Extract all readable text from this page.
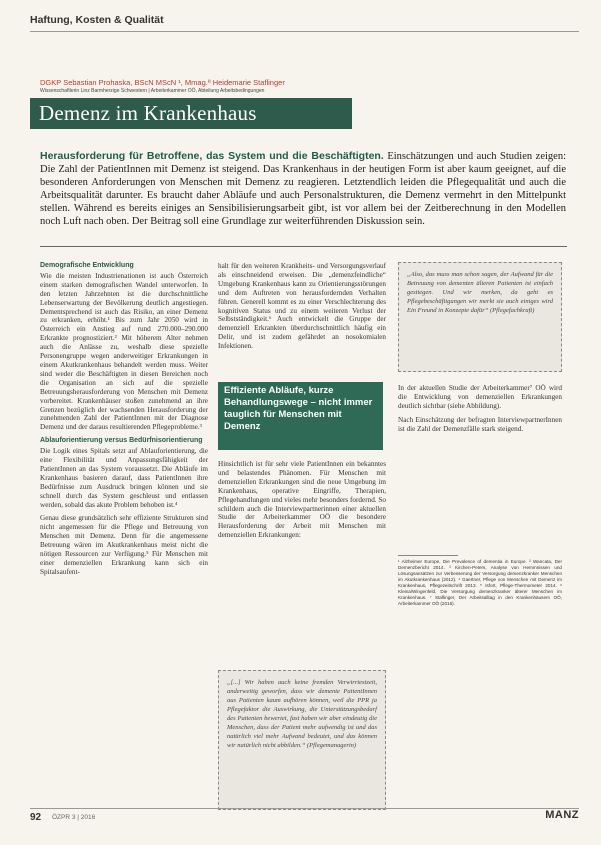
Haftung, Kosten & Qualität
DGKP Sebastian Prohaska, BScN MScN ¹, Mmag.ª Heidemarie Staflinger
Wissenschaftlerin Linz Barmherzige Schwestern | Arbeiterkammer OÖ, Abteilung Arbeitsbedingungen
Demenz im Krankenhaus
Herausforderung für Betroffene, das System und die Beschäftigten. Einschätzungen und auch Studien zeigen: Die Zahl der PatientInnen mit Demenz ist steigend. Das Krankenhaus in der heutigen Form ist aber kaum geeignet, auf die besonderen Anforderungen von Menschen mit Demenz zu reagieren. Letztendlich leiden die Pflegequalität und auch die Arbeitsqualität darunter. Es braucht daher Abläufe und auch Personalstrukturen, die Demenz vermehrt in den Mittelpunkt stellen. Während es bereits einiges an Sensibilisierungsarbeit gibt, ist vor allem bei der Zeitberechnung in den Modellen noch Luft nach oben. Der Beitrag soll eine Grundlage zur weiterführenden Diskussion sein.
Demografische Entwicklung

Wie die meisten Industrienationen ist auch Österreich einem starken demografischen Wandel unterworfen. In den letzten Jahrzehnten ist die durchschnittliche Lebenserwartung der Bevölkerung deutlich angestiegen. Dementsprechend ist auch das Risiko, an einer Demenz zu erkranken, erhöht.¹ Bis zum Jahr 2050 wird in Österreich ein Anstieg auf rund 270.000–290.000 Erkrankte prognostiziert.² Mit höherem Alter nehmen auch die Anlässe zu, weshalb diese spezielle Personengruppe wegen anderweitiger Erkrankungen in einem Akutkrankenhaus behandelt werden muss. Weiter sind weder die Beschäftigten in diesen Bereichen noch die Organisation an sich auf die spezielle Betreuungsherausforderung von Menschen mit Demenz vorbereitet. Krankenhäuser stoßen zunehmend an ihre Grenzen bezüglich der wachsenden Herausforderung der zunehmenden Zahl der PatientInnen mit der Diagnose Demenz und der daraus resultierenden Pflegeprobleme.³

Ablauforientierung versus Bedürfnisorientierung

Die Logik eines Spitals setzt auf Ablauforientierung, die eine Flexibilität und Anpassungsfähigkeit der PatientInnen an das System voraussetzt. Die Abläufe im Krankenhaus basieren darauf, dass PatientInnen ihre Bedürfnisse zum Ausdruck bringen können und sie schnell durch das System geschleust und entlassen werden, sobald das akute Problem behoben ist.⁴

Genau diese grundsätzlich sehr effiziente Strukturen sind nicht angemessen für die Pflege und Betreuung von Menschen mit Demenz. Denn für die angemessene Betreuung wären im Akutkrankenhaus meist nicht die nötigen Ressourcen zur Verfügung.⁵ Für Menschen mit einer demenziellen Erkrankung kann sich ein Spitalsaufent-

halt für den weiteren Krankheits- und Versorgungsverlauf als einschneidend erweisen. Die „demenzfeindliche“ Umgebung Krankenhaus kann zu Orientierungsstörungen und dem Auftreten von herausfordernden Verhalten führen. Generell kommt es zu einer Verschlechterung des kognitiven Status und zu einem weiteren Verlust der Selbstständigkeit.⁶ Auch entwickelt die Gruppe der demenziell Erkrankten überdurchschnittlich häufig ein Delir, und ist zudem gefährdet an nosokomialen Infektionen.

Effiziente Abläufe, kurze Behandlungswege – nicht immer tauglich für Menschen mit Demenz

Hinsichtlich ist für sehr viele PatientInnen ein bekanntes und belastendes Phänomen. Für Menschen mit demenziellen Erkrankungen sind die neue Umgebung im Krankenhaus, operative Eingriffe, Therapien, Pflegehandlungen und vieles mehr besonders fordernd. So schildern auch die Interviewpartnerinnen einer aktuellen Studie der Arbeiterkammer OÖ die besondere Herausforderung der Arbeit mit Menschen mit demenziellen Erkrankungen:

„[...] Wir haben auch keine fremden Verwirrtestzeit, anderweitig geworfen, dass wir demente PatientInnen aus Patienten kaum aufhören können, weil die PPR ja Pflegefaktor die Auswirkung, die Unterstützungsbedarf des Patienten bewertet, fast haben wir aber eindeutig die Menschen, dass der Patient mehr aufwendig ist und das natürlich viel mehr Aufwand bedeutet, und das können wir natürlich nicht abbilden.“ (Pflegemanagerin)
„Also, das muss man schon sagen, der Aufwand für die Betreuung von dementen älteren Patienten ist einfach gestiegen. Und wir merken, da geht es Pflegebeschäftigungen wir merkt sie auch einiges wird Ein Freund in Konzepte dafür“ (Pflegefachkraft)

In der aktuellen Studie der Arbeiterkammer⁷ OÖ wird die Entwicklung von demenziellen Erkrankungen deutlich sichtbar (siehe Abbildung).

Nach Einschätzung der befragten InterviewpartnerInnen ist die Zahl der Demenzfälle stark steigend.

¹ Alzheimer Europe, Die Prevalence of dementia in Europe. ² Wancata, Der Demenzbericht 2014. ³ Kirchen-Peters, Analyse von Hemmnissen und Lösungsansätzen zur Verbesserung der Versorgung demenzkranker Menschen im Akutkrankenhaus (2012). ⁴ Gaertner, Pflege von Menschen mit Demenz im Krankenhaus, Pflegezeitschrift 2013. ⁵ Isfort, Pflege-Thermometer 2014. ⁶ Kleina/Wingenfeld, Die Versorgung demenzkranker älterer Menschen im Krankenhaus. ⁷ Staflinger, Der Arbeitsalltag in den Krankenhäusern OÖ, Arbeiterkammer OÖ (2016).
92 ÖZPR 3 | 2016	MANZ
